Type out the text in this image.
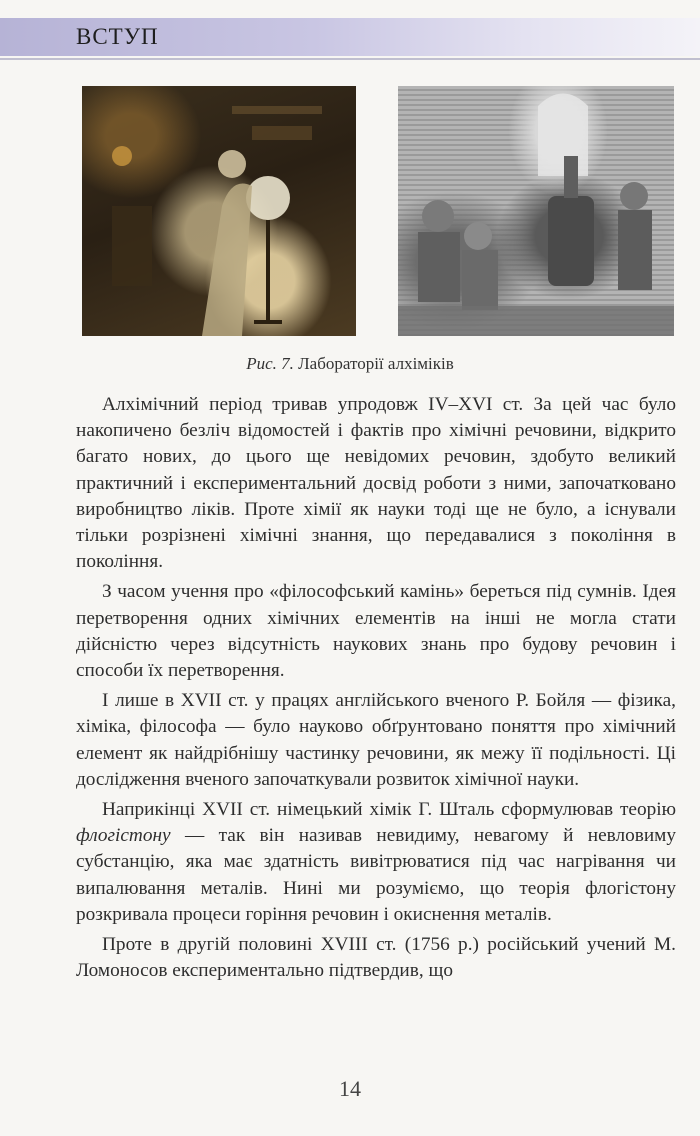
ВСТУП
Рис. 7. Лабораторії алхіміків

Алхімічний період тривав упродовж IV–XVI ст. За цей час було накопичено безліч відомостей і фактів про хімічні речовини, відкрито багато нових, до цього ще невідомих речовин, здобуто великий практичний і експериментальний досвід роботи з ними, започатковано виробництво ліків. Проте хімії як науки тоді ще не було, а існували тільки розрізнені хімічні знання, що передавалися з покоління в покоління.

З часом учення про «філософський камінь» береться під сумнів. Ідея перетворення одних хімічних елементів на інші не могла стати дійсністю через відсутність наукових знань про будову речовин і способи їх перетворення.

І лише в XVII ст. у працях англійського вченого Р. Бойля — фізика, хіміка, філософа — було науково обґрунтовано поняття про хімічний елемент як найдрібнішу частинку речовини, як межу її подільності. Ці дослідження вченого започаткували розвиток хімічної науки.

Наприкінці XVII ст. німецький хімік Г. Шталь сформулював теорію флогістону — так він називав невидиму, невагому й невловиму субстанцію, яка має здатність вивітрюватися під час нагрівання чи випалювання металів. Нині ми розуміємо, що теорія флогістону розкривала процеси горіння речовин і окиснення металів.

Проте в другій половині XVIII ст. (1756 р.) російський учений М. Ломоносов експериментально підтвердив, що

14
